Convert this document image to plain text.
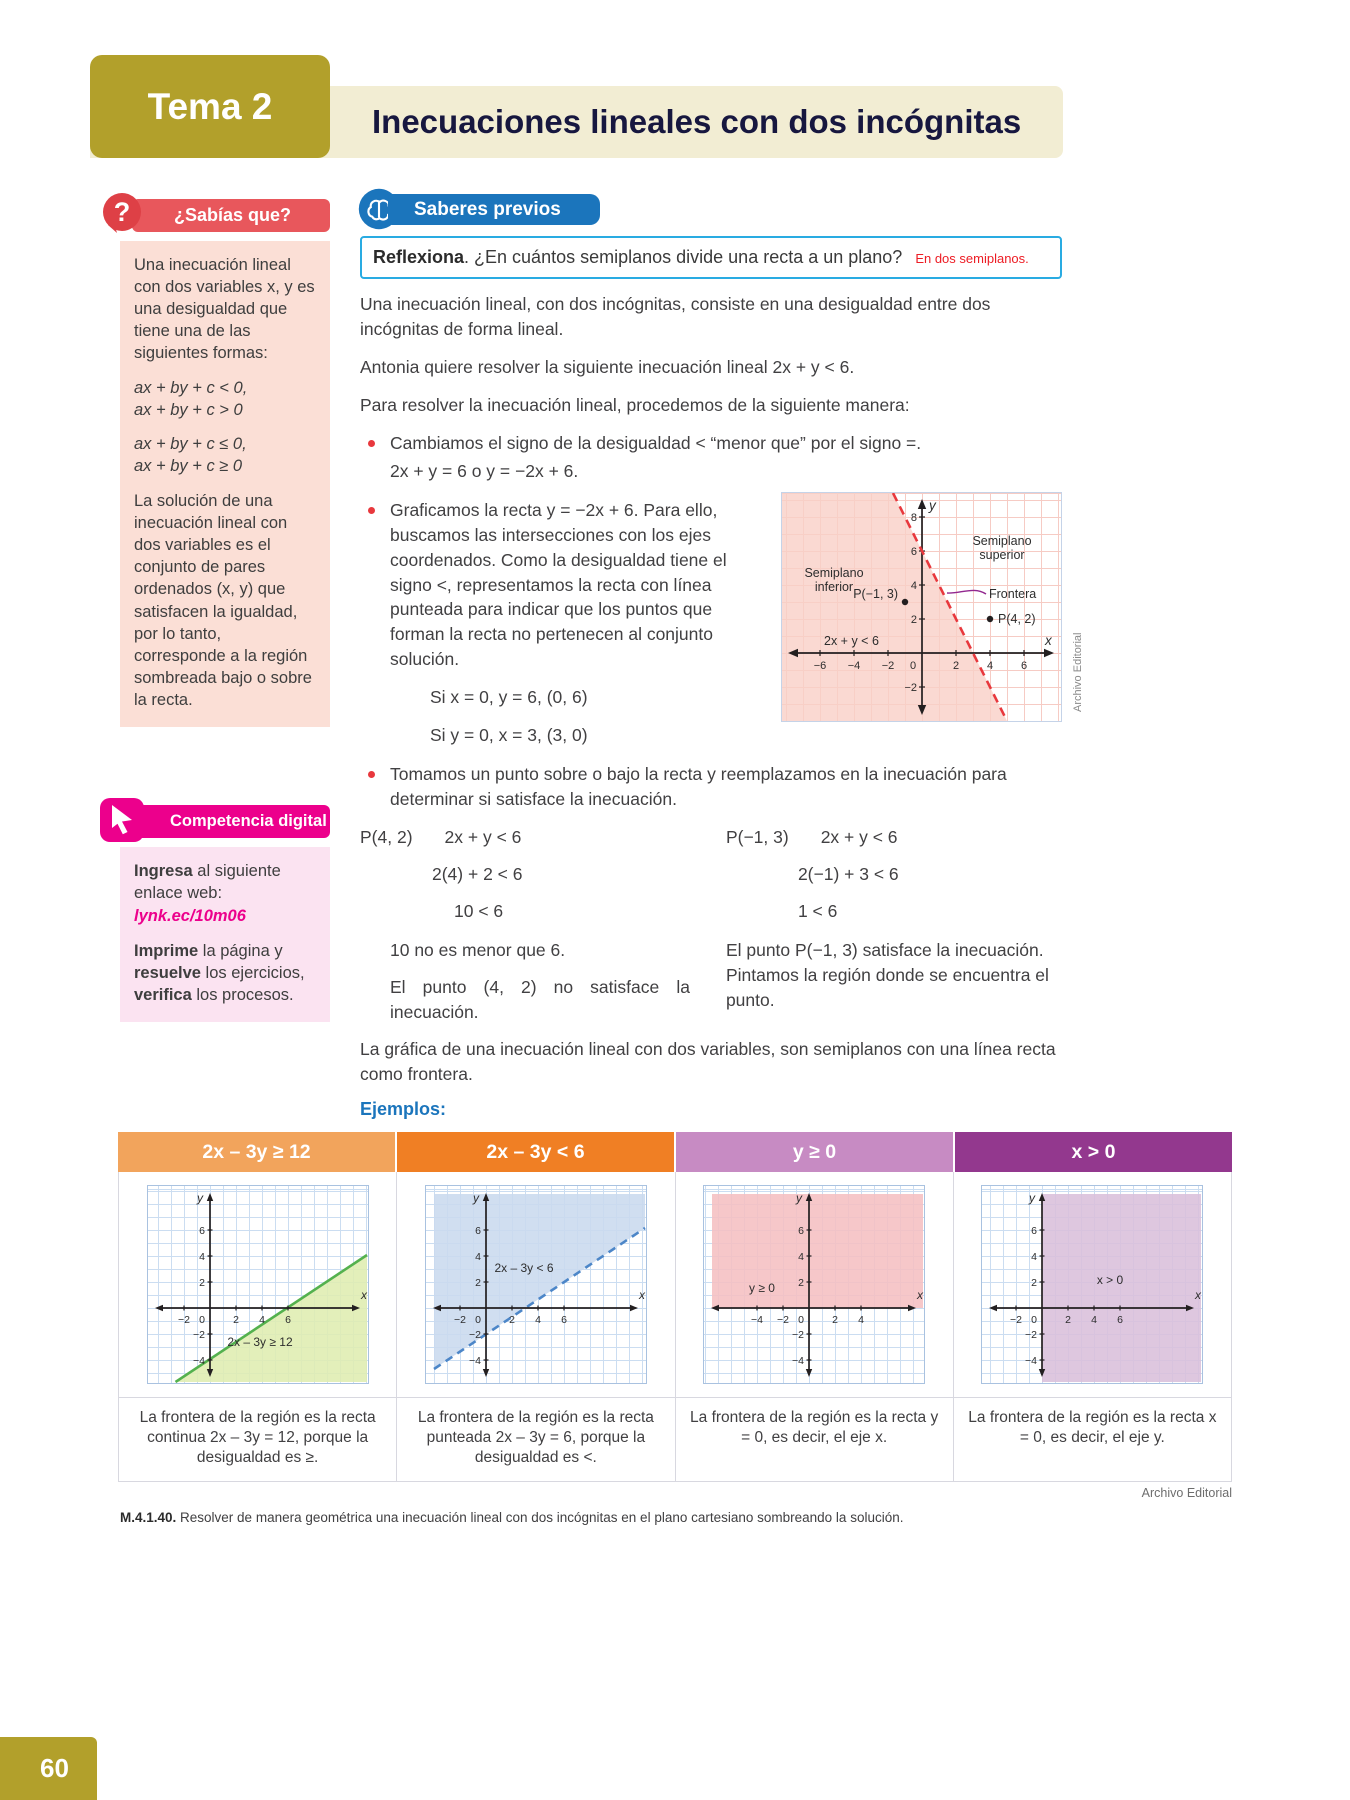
Inecuaciones lineales con dos incógnitas
Tema 2
? ¿Sabías que?

Una inecuación lineal con dos variables x, y es una desigualdad que tiene una de las siguientes formas:

ax + by + c < 0,

ax + by + c > 0

ax + by + c ≤ 0,

ax + by + c ≥ 0

La solución de una inecuación lineal con dos variables es el conjunto de pares ordenados (x, y) que satisfacen la igualdad, por lo tanto, corresponde a la región sombreada bajo o sobre la recta.

Competencia digital

Ingresa al siguiente enlace web:

lynk.ec/10m06

Imprime la página y resuelve los ejercicios, verifica los procesos.

Saberes previos
Reflexiona. ¿En cuántos semiplanos divide una recta a un plano? En dos semiplanos.

Una inecuación lineal, con dos incógnitas, consiste en una desigualdad entre dos incógnitas de forma lineal.

Antonia quiere resolver la siguiente inecuación lineal 2x + y < 6.

Para resolver la inecuación lineal, procedemos de la siguiente manera:

Cambiamos el signo de la desigualdad < “menor que” por el signo =.
2x + y = 6 o y = −2x + 6.
−6 −4 −2 0	2	4	6
2
4
6
8
−2
y
x
Semiplano
superior
Semiplano
inferior	Frontera
P(−1, 3)
P(4, 2)
2x + y < 6
Graficamos la recta y = −2x + 6. Para ello, buscamos las intersecciones con los ejes coordenados. Como la desigualdad tiene el signo <, representamos la recta con línea punteada para indicar que los puntos que forman la recta no pertenecen al conjunto solución.
Si x = 0, y = 6, (0, 6)
Si y = 0, x = 3, (3, 0)
Tomamos un punto sobre o bajo la recta y reemplazamos en la inecuación para determinar si satisface la inecuación.
P(4, 2) 2x + y < 6
2(4) + 2 < 6
10 < 6
10 no es menor que 6.
El punto (4, 2) no satisface la inecuación.
P(−1, 3) 2x + y < 6
2(−1) + 3 < 6
1 < 6
El punto P(−1, 3) satisface la inecuación. Pintamos la región donde se encuentra el punto.

La gráfica de una inecuación lineal con dos variables, son semiplanos con una línea recta como frontera.

Ejemplos:

2x – 3y ≥ 12	2x – 3y < 6	y ≥ 0	x > 0
−2 0	2 4 6
6
4
2
−2
−4
y
x
2x – 3y ≥ 12
−2 0	2 4 6
6
4
2
−2
−4
y
x
2x – 3y < 6
−4 −2 0	2 4
6
4
2
−2
−4
y
x
y ≥ 0
−2 0	2 4 6
6
4
2
−2
−4
y
x
x > 0
La frontera de la región es la recta continua 2x – 3y = 12, porque la desigualdad es ≥.
La frontera de la región es la recta punteada 2x – 3y = 6, porque la desigualdad es <.
La frontera de la región es la recta y = 0, es decir, el eje x.
La frontera de la región es la recta x = 0, es decir, el eje y.
Archivo Editorial
Archivo Editorial

M.4.1.40. Resolver de manera geométrica una inecuación lineal con dos incógnitas en el plano cartesiano sombreando la solución.

60
